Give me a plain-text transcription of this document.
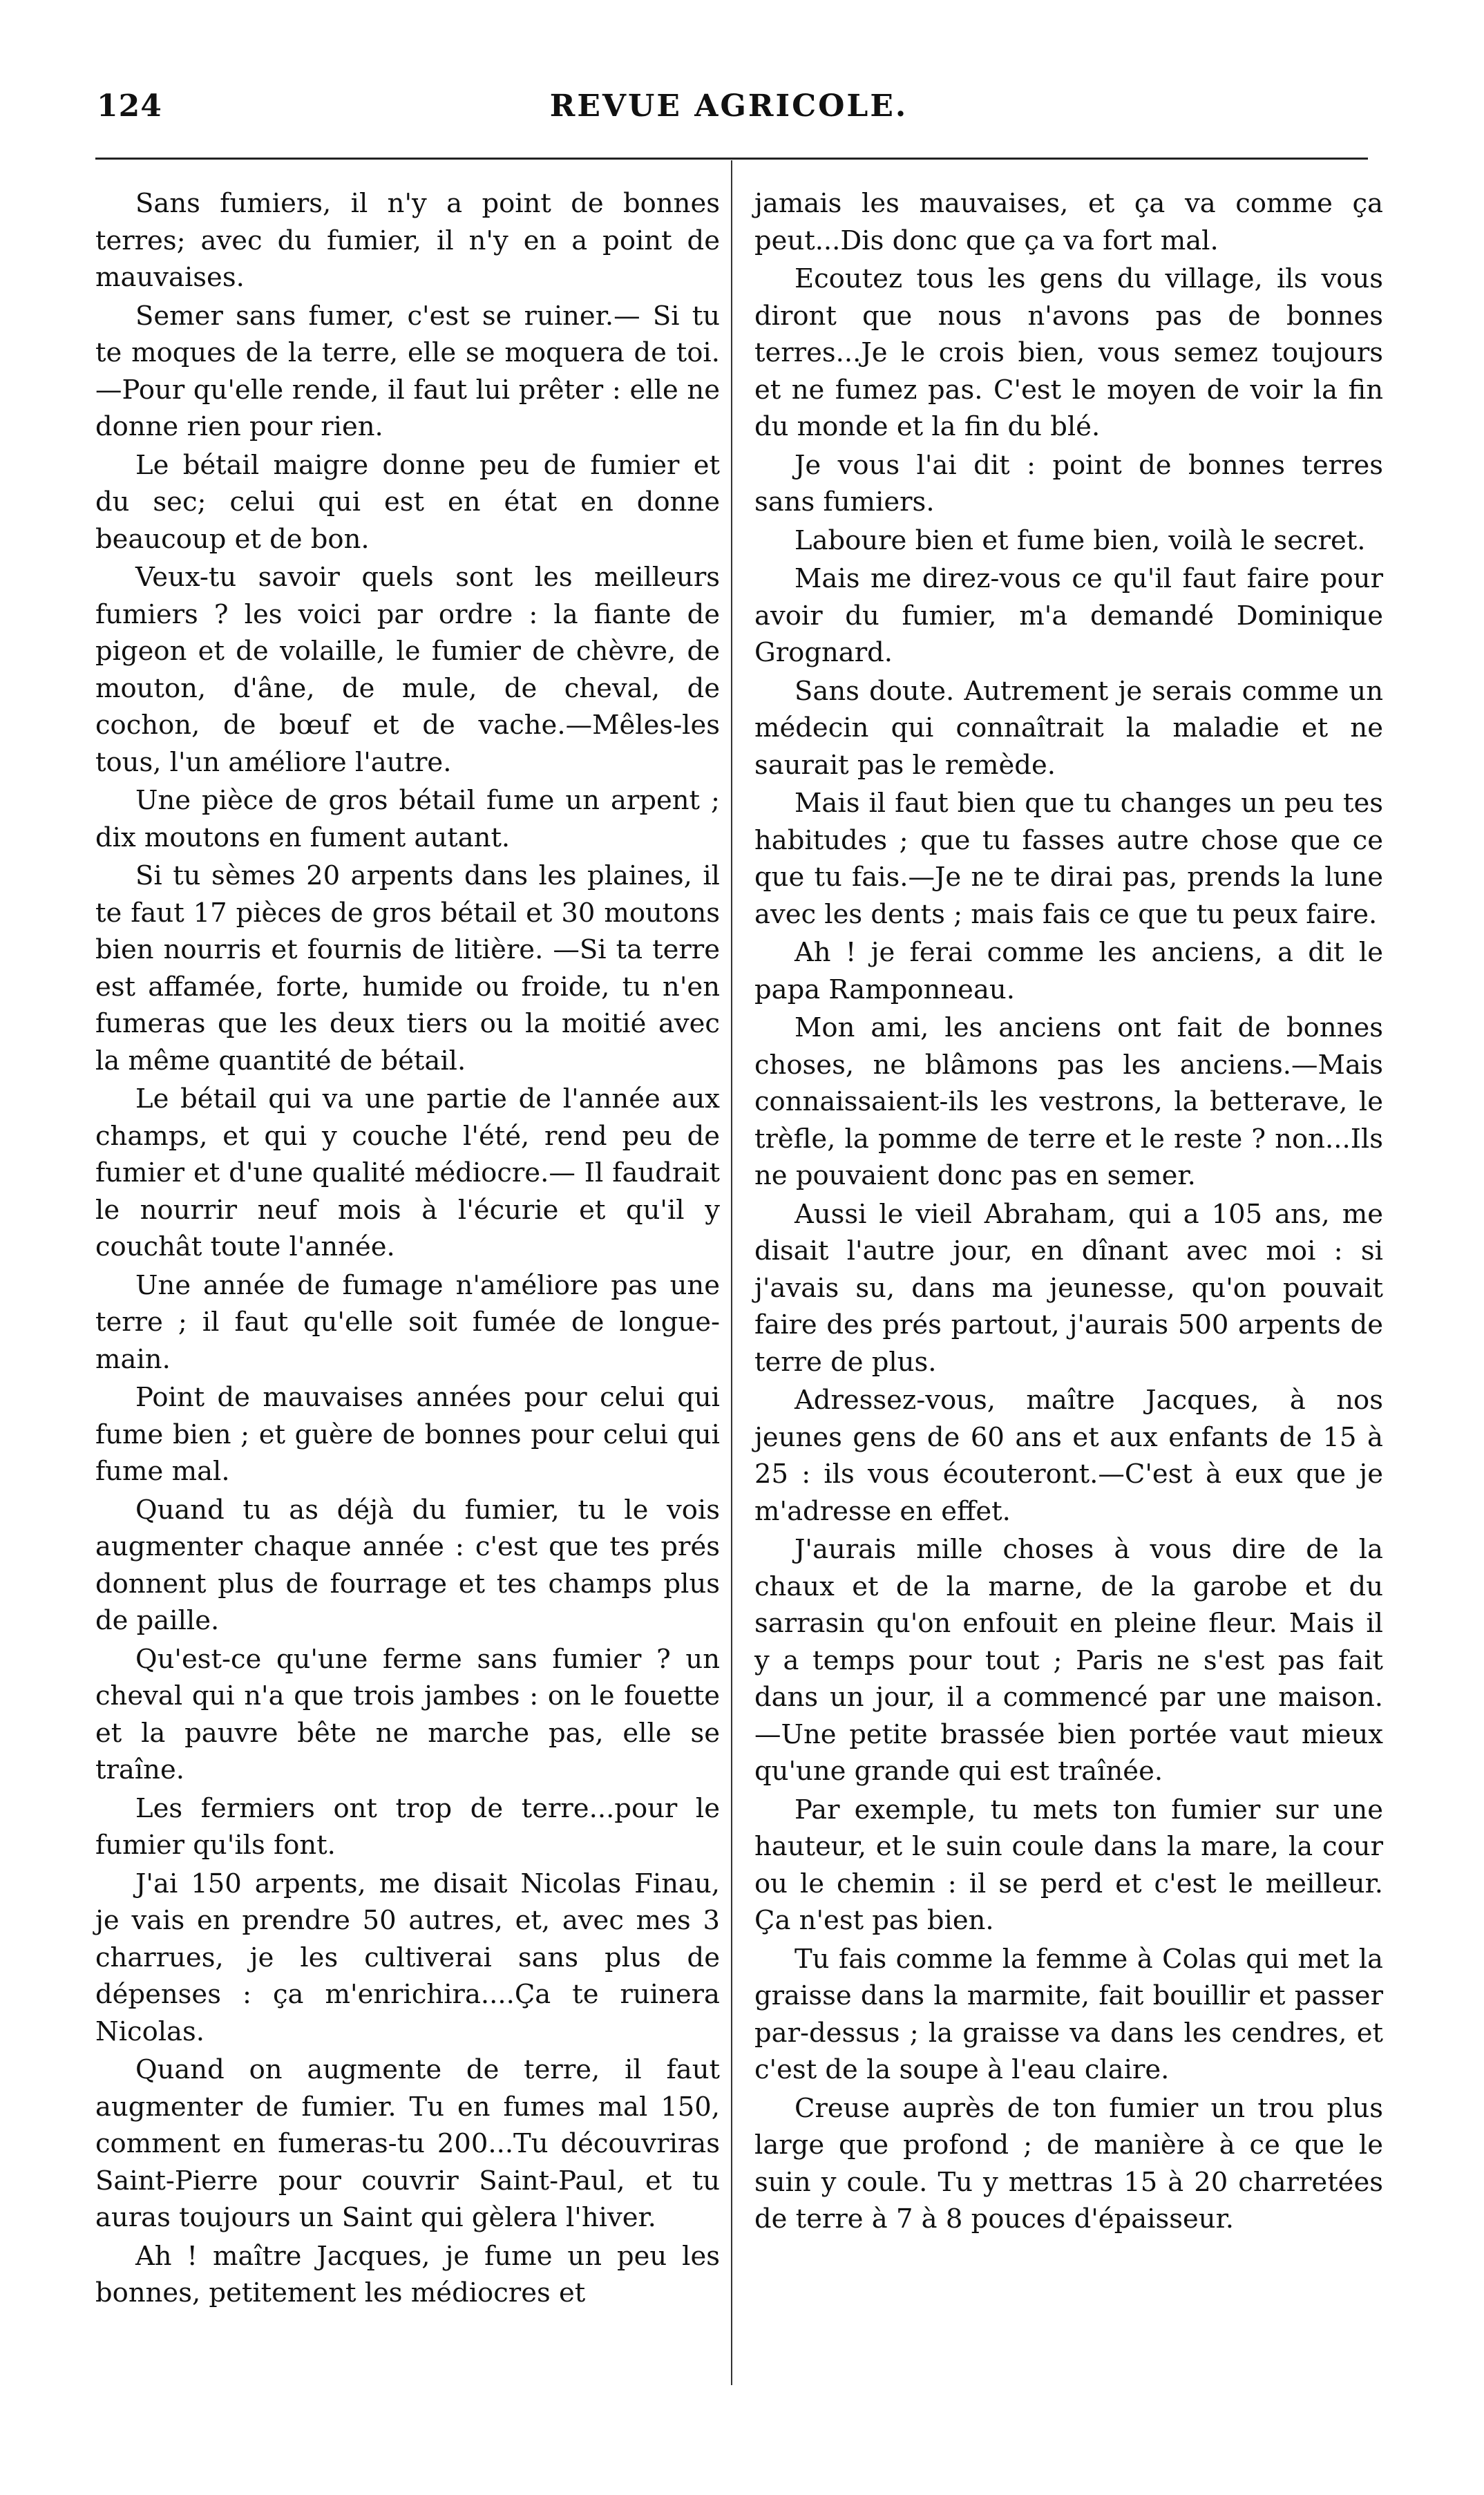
124	REVUE AGRICOLE.

Sans fumiers, il n'y a point de bonnes terres; avec du fumier, il n'y en a point de mauvaises.

Semer sans fumer, c'est se ruiner.— Si tu te moques de la terre, elle se moquera de toi.—Pour qu'elle rende, il faut lui prêter : elle ne donne rien pour rien.

Le bétail maigre donne peu de fumier et du sec; celui qui est en état en donne beaucoup et de bon.

Veux-tu savoir quels sont les meilleurs fumiers ? les voici par ordre : la fiante de pigeon et de volaille, le fumier de chèvre, de mouton, d'âne, de mule, de cheval, de cochon, de bœuf et de vache.—Mêles-les tous, l'un améliore l'autre.

Une pièce de gros bétail fume un arpent ; dix moutons en fument autant.

Si tu sèmes 20 arpents dans les plaines, il te faut 17 pièces de gros bétail et 30 moutons bien nourris et fournis de litière. —Si ta terre est affamée, forte, humide ou froide, tu n'en fumeras que les deux tiers ou la moitié avec la même quantité de bétail.

Le bétail qui va une partie de l'année aux champs, et qui y couche l'été, rend peu de fumier et d'une qualité médiocre.— Il faudrait le nourrir neuf mois à l'écurie et qu'il y couchât toute l'année.

Une année de fumage n'améliore pas une terre ; il faut qu'elle soit fumée de longue-main.

Point de mauvaises années pour celui qui fume bien ; et guère de bonnes pour celui qui fume mal.

Quand tu as déjà du fumier, tu le vois augmenter chaque année : c'est que tes prés donnent plus de fourrage et tes champs plus de paille.

Qu'est-ce qu'une ferme sans fumier ? un cheval qui n'a que trois jambes : on le fouette et la pauvre bête ne marche pas, elle se traîne.

Les fermiers ont trop de terre...pour le fumier qu'ils font.

J'ai 150 arpents, me disait Nicolas Finau, je vais en prendre 50 autres, et, avec mes 3 charrues, je les cultiverai sans plus de dépenses : ça m'enrichira....Ça te ruinera Nicolas.

Quand on augmente de terre, il faut augmenter de fumier. Tu en fumes mal 150, comment en fumeras-tu 200...Tu découvriras Saint-Pierre pour couvrir Saint-Paul, et tu auras toujours un Saint qui gèlera l'hiver.

Ah ! maître Jacques, je fume un peu les bonnes, petitement les médiocres et

jamais les mauvaises, et ça va comme ça peut...Dis donc que ça va fort mal.

Ecoutez tous les gens du village, ils vous diront que nous n'avons pas de bonnes terres...Je le crois bien, vous semez toujours et ne fumez pas. C'est le moyen de voir la fin du monde et la fin du blé.

Je vous l'ai dit : point de bonnes terres sans fumiers.

Laboure bien et fume bien, voilà le secret.

Mais me direz-vous ce qu'il faut faire pour avoir du fumier, m'a demandé Dominique Grognard.

Sans doute. Autrement je serais comme un médecin qui connaîtrait la maladie et ne saurait pas le remède.

Mais il faut bien que tu changes un peu tes habitudes ; que tu fasses autre chose que ce que tu fais.—Je ne te dirai pas, prends la lune avec les dents ; mais fais ce que tu peux faire.

Ah ! je ferai comme les anciens, a dit le papa Ramponneau.

Mon ami, les anciens ont fait de bonnes choses, ne blâmons pas les anciens.—Mais connaissaient-ils les vestrons, la betterave, le trèfle, la pomme de terre et le reste ? non...Ils ne pouvaient donc pas en semer.

Aussi le vieil Abraham, qui a 105 ans, me disait l'autre jour, en dînant avec moi : si j'avais su, dans ma jeunesse, qu'on pouvait faire des prés partout, j'aurais 500 arpents de terre de plus.

Adressez-vous, maître Jacques, à nos jeunes gens de 60 ans et aux enfants de 15 à 25 : ils vous écouteront.—C'est à eux que je m'adresse en effet.

J'aurais mille choses à vous dire de la chaux et de la marne, de la garobe et du sarrasin qu'on enfouit en pleine fleur. Mais il y a temps pour tout ; Paris ne s'est pas fait dans un jour, il a commencé par une maison.—Une petite brassée bien portée vaut mieux qu'une grande qui est traînée.

Par exemple, tu mets ton fumier sur une hauteur, et le suin coule dans la mare, la cour ou le chemin : il se perd et c'est le meilleur. Ça n'est pas bien.

Tu fais comme la femme à Colas qui met la graisse dans la marmite, fait bouillir et passer par-dessus ; la graisse va dans les cendres, et c'est de la soupe à l'eau claire.

Creuse auprès de ton fumier un trou plus large que profond ; de manière à ce que le suin y coule. Tu y mettras 15 à 20 charretées de terre à 7 à 8 pouces d'épaisseur.
